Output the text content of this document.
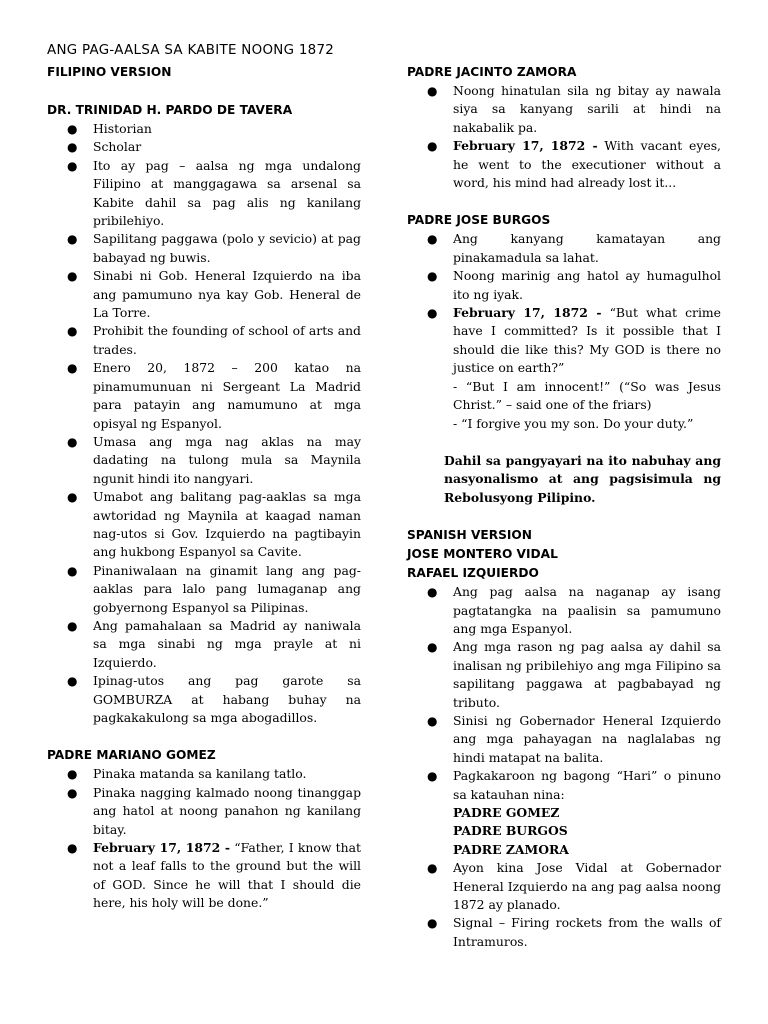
ANG PAG-AALSA SA KABITE NOONG 1872
FILIPINO VERSION
DR. TRINIDAD H. PARDO DE TAVERA
● Historian
● Scholar
● Ito ay pag – aalsa ng mga undalong Filipino at manggagawa sa arsenal sa Kabite dahil sa pag alis ng kanilang pribilehiyo.
● Sapilitang paggawa (polo y sevicio) at pag babayad ng buwis.
● Sinabi ni Gob. Heneral Izquierdo na iba ang pamumuno nya kay Gob. Heneral de La Torre.
● Prohibit the founding of school of arts and trades.
● Enero 20, 1872 – 200 katao na pinamumunuan ni Sergeant La Madrid para patayin ang namumuno at mga opisyal ng Espanyol.
● Umasa ang mga nag aklas na may dadating na tulong mula sa Maynila ngunit hindi ito nangyari.
● Umabot ang balitang pag-aaklas sa mga awtoridad ng Maynila at kaagad naman nag-utos si Gov. Izquierdo na pagtibayin ang hukbong Espanyol sa Cavite.
● Pinaniwalaan na ginamit lang ang pag-aaklas para lalo pang lumaganap ang gobyernong Espanyol sa Pilipinas.
● Ang pamahalaan sa Madrid ay naniwala sa mga sinabi ng mga prayle at ni Izquierdo.
● Ipinag-utos ang pag garote sa GOMBURZA at habang buhay na pagkakakulong sa mga abogadillos.
PADRE MARIANO GOMEZ
● Pinaka matanda sa kanilang tatlo.
● Pinaka nagging kalmado noong tinanggap ang hatol at noong panahon ng kanilang bitay.
● February 17, 1872 - “Father, I know that not a leaf falls to the ground but the will of GOD. Since he will that I should die here, his holy will be done.”
PADRE JACINTO ZAMORA
● Noong hinatulan sila ng bitay ay nawala siya sa kanyang sarili at hindi na nakabalik pa.
● February 17, 1872 - With vacant eyes, he went to the executioner without a word, his mind had already lost it...
PADRE JOSE BURGOS
● Ang kanyang kamatayan ang pinakamadula sa lahat.
● Noong marinig ang hatol ay humagulhol ito ng iyak.
● February 17, 1872 - “But what crime have I committed? Is it possible that I should die like this? My GOD is there no justice on earth?”
- “But I am innocent!” (“So was Jesus Christ.” – said one of the friars)
- “I forgive you my son. Do your duty.”

Dahil sa pangyayari na ito nabuhay ang nasyonalismo at ang pagsisimula ng Rebolusyong Pilipino.

SPANISH VERSION
JOSE MONTERO VIDAL
RAFAEL IZQUIERDO
● Ang pag aalsa na naganap ay isang pagtatangka na paalisin sa pamumuno ang mga Espanyol.
● Ang mga rason ng pag aalsa ay dahil sa inalisan ng pribilehiyo ang mga Filipino sa sapilitang paggawa at pagbabayad ng tributo.
● Sinisi ng Gobernador Heneral Izquierdo ang mga pahayagan na naglalabas ng hindi matapat na balita.
● Pagkakaroon ng bagong “Hari” o pinuno sa katauhan nina:
PADRE GOMEZ
PADRE BURGOS
PADRE ZAMORA
● Ayon kina Jose Vidal at Gobernador Heneral Izquierdo na ang pag aalsa noong 1872 ay planado.
● Signal – Firing rockets from the walls of Intramuros.
